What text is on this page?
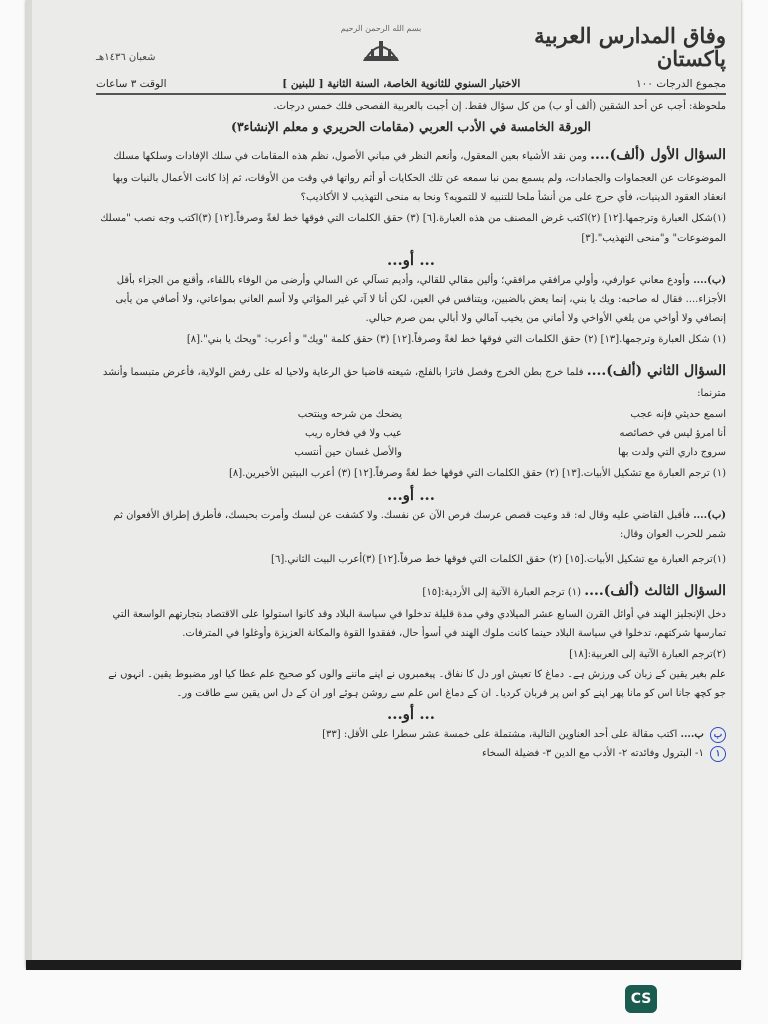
وفاق المدارس العربية پاکستان
بسم الله الرحمن الرحيم
شعبان ١٤٣٦هـ
مجموع الدرجات ١٠٠
الاختبار السنوي للثانوية الخاصة، السنة الثانية [ للبنين ]
الوقت ٣ ساعات
ملحوظة: أجب عن أحد الشقين (ألف أو ب) من كل سؤال فقط. إن أجبت بالعربية الفصحى فلك خمس درجات.
الورقة الخامسة في الأدب العربي (مقامات الحريري و معلم الإنشاء٣)
السؤال الأول (ألف).... ومن نقد الأشياء بعين المعقول، وأنعم النظر في مباني الأصول، نظم هذه المقامات في سلك الإفادات وسلكها مسلك الموضوعات عن العجماوات والجمادات، ولم يسمع بمن نبا سمعه عن تلك الحكايات أو أثم رواتها في وقت من الأوقات، ثم إذا كانت الأعمال بالنيات وبها انعقاد العقود الدينيات، فأي حرج على من أنشأ ملحا للتنبيه لا للتمويه؟ ونحا به منحى التهذيب لا الأكاذيب؟
(١)شكل العبارة وترجمها.[١٢] (٢)اكتب غرض المصنف من هذه العبارة.[٦] (٣) حقق الكلمات التي فوقها خط لغةً وصرفاً.[١٢] (٣)اكتب وجه نصب "مسلك الموضوعات" و"منحى التهذيب".[٣]
... أو...
(ب).... وأودع معاني عوارفي، وأولي مرافقي مرافقي؛ وألين مقالي للقالي، وأديم تسآلي عن السالي وأرضى من الوفاء باللفاء، وأقنع من الجزاء بأقل الأجزاء.... فقال له صاحبه: ويك يا بني، إنما يعض بالضبين، ويتنافس في العين، لكن أنا لا آتي غير المؤاتي ولا أسم العاني بمواعاتي، ولا أصافي من يأبى إنصافي ولا أواخي من يلغي الأواخي ولا أماني من يخيب آمالي ولا أبالي بمن صرم حبالي.
(١) شكل العبارة وترجمها.[١٣] (٢) حقق الكلمات التي فوقها خط لغةً وصرفاً.[١٢] (٣) حقق كلمة "ويك" و أعرب: "ويحك يا بني".[٨]
السؤال الثاني (ألف).... فلما خرج بطن الخرج وفصل فاتزا بالفلج، شيعته قاضيا حق الرعاية ولاحيا له على رفض الولاية، فأعرض متبسما وأنشد مترنما:
اسمع حديثي فإنه عجب
يضحك من شرحه وينتحب
أنا امرؤ ليس في خصائصه
عيب ولا في فخاره ريب
سروج داري التي ولدت بها
والأصل غسان حين أنتسب
(١) ترجم العبارة مع تشكيل الأبيات.[١٣] (٢) حقق الكلمات التي فوقها خط لغةً وصرفاً.[١٢] (٣) أعرب البيتين الأخيرين.[٨]
... أو...
(ب).... فأقبل القاضي عليه وقال له: قد وعيت قصص عرسك فرص الآن عن نفسك. ولا كشفت عن لبسك وأمرت بحبسك، فأطرق إطراق الأفعوان ثم شمر للحرب العوان وقال:
(١)ترجم العبارة مع تشكيل الأبيات.[١٥] (٢) حقق الكلمات التي فوقها خط صرفاً.[١٢] (٣)أعرب البيت الثاني.[٦]
السؤال الثالث (ألف).... (١) ترجم العبارة الآتية إلى الأردية:[١٥]
دخل الإنجليز الهند في أوائل القرن السابع عشر الميلادي وفي مدة قليلة تدخلوا في سياسة البلاد وقد كانوا استولوا على الاقتصاد بتجارتهم الواسعة التي تمارسها شركتهم، تدخلوا في سياسة البلاد حينما كانت ملوك الهند في أسوأ حال، ففقدوا القوة والمكانة العزيزة وأوغلوا في المترفات.
(٢)ترجم العبارة الآتية إلى العربية:[١٨]
علم بغیر یقین کے زبان کی ورزش ہے۔ دماغ کا تعیش اور دل کا نفاق۔ پیغمبروں نے اپنے ماننے والوں کو صحیح علم عطا کیا اور مضبوط یقین۔ انہوں نے جو کچھ جانا اس کو مانا پھر اپنے کو اس پر قربان کردیا۔ ان کے دماغ اس علم سے روشن ہوئے اور ان کے دل اس یقین سے طاقت ور۔
... أو...
ب ب.... اكتب مقالة على أحد العناوين التالية، مشتملة على خمسة عشر سطرا على الأقل: [٣٣]
١ ١- البترول وفائدته ٢- الأدب مع الدين ٣- فضيلة السخاء
CS
